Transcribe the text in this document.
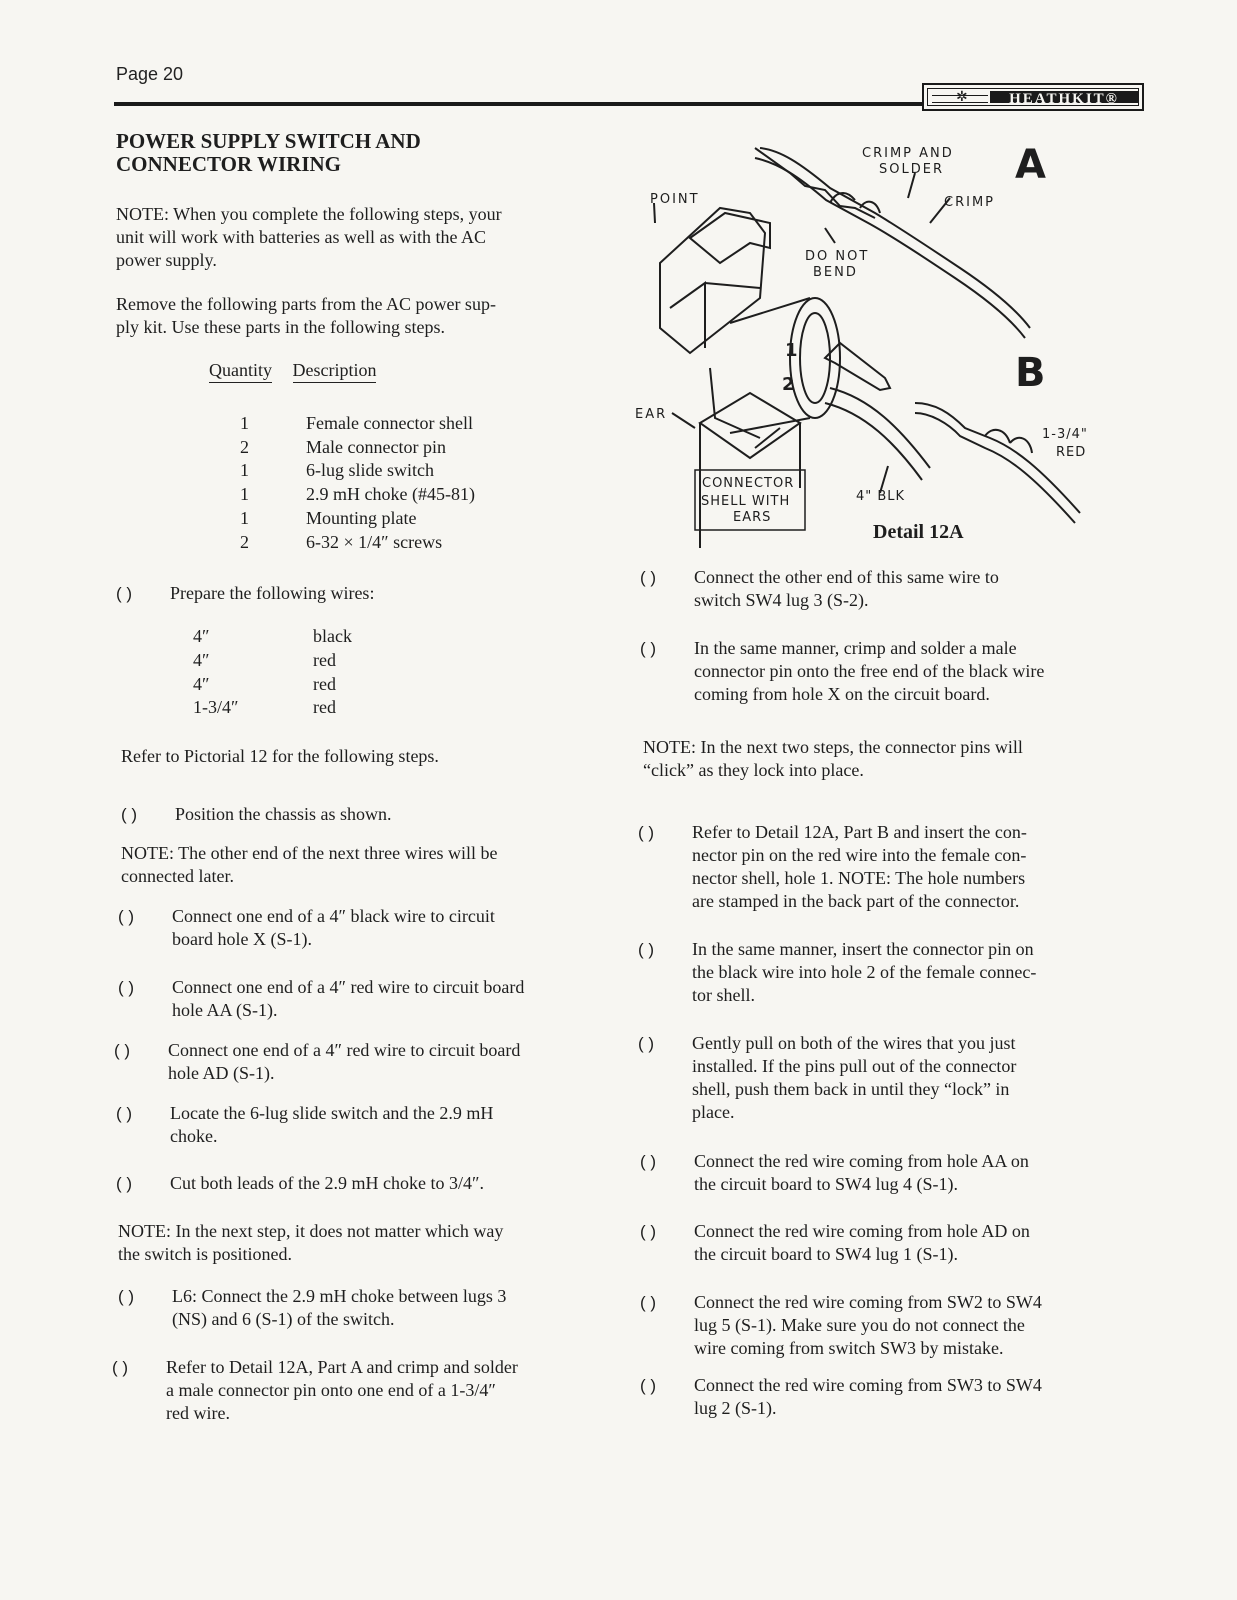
Page 20
✲	HEATHKIT®
POWER SUPPLY SWITCH AND
CONNECTOR WIRING

NOTE: When you complete the following steps, your

unit will work with batteries as well as with the AC

power supply.

Remove the following parts from the AC power sup-

ply kit. Use these parts in the following steps.

Quantity Description
1	Female connector shell
2	Male connector pin
1	6-lug slide switch
1	2.9 mH choke (#45-81)
1	Mounting plate
2	6-32 × 1/4″ screws
( ) Prepare the following wires:
4″	black
4″	red
4″	red
1-3/4″	red

Refer to Pictorial 12 for the following steps.

( ) Position the chassis as shown.

NOTE: The other end of the next three wires will be

connected later.

( ) Connect one end of a 4″ black wire to circuit

board hole X (S-1).

( ) Connect one end of a 4″ red wire to circuit board

hole AA (S-1).

( ) Connect one end of a 4″ red wire to circuit board

hole AD (S-1).

( ) Locate the 6-lug slide switch and the 2.9 mH

choke.

( ) Cut both leads of the 2.9 mH choke to 3/4″.

NOTE: In the next step, it does not matter which way

the switch is positioned.

( ) L6: Connect the 2.9 mH choke between lugs 3

(NS) and 6 (S-1) of the switch.

( ) Refer to Detail 12A, Part A and crimp and solder

a male connector pin onto one end of a 1-3/4″

red wire.

CRIMP AND
SOLDER
CRIMP
POINT
DO NOT
BEND
EAR
CONNECTOR
SHELL WITH
EARS
4" BLK
1-3/4"
RED
1
2
A
B
Detail 12A
( ) Connect the other end of this same wire to

switch SW4 lug 3 (S-2).

( ) In the same manner, crimp and solder a male

connector pin onto the free end of the black wire

coming from hole X on the circuit board.

NOTE: In the next two steps, the connector pins will

“click” as they lock into place.

( ) Refer to Detail 12A, Part B and insert the con-

nector pin on the red wire into the female con-

nector shell, hole 1. NOTE: The hole numbers

are stamped in the back part of the connector.

( ) In the same manner, insert the connector pin on

the black wire into hole 2 of the female connec-

tor shell.

( ) Gently pull on both of the wires that you just

installed. If the pins pull out of the connector

shell, push them back in until they “lock” in

place.

( ) Connect the red wire coming from hole AA on

the circuit board to SW4 lug 4 (S-1).

( ) Connect the red wire coming from hole AD on

the circuit board to SW4 lug 1 (S-1).

( ) Connect the red wire coming from SW2 to SW4

lug 5 (S-1). Make sure you do not connect the

wire coming from switch SW3 by mistake.

( ) Connect the red wire coming from SW3 to SW4

lug 2 (S-1).
